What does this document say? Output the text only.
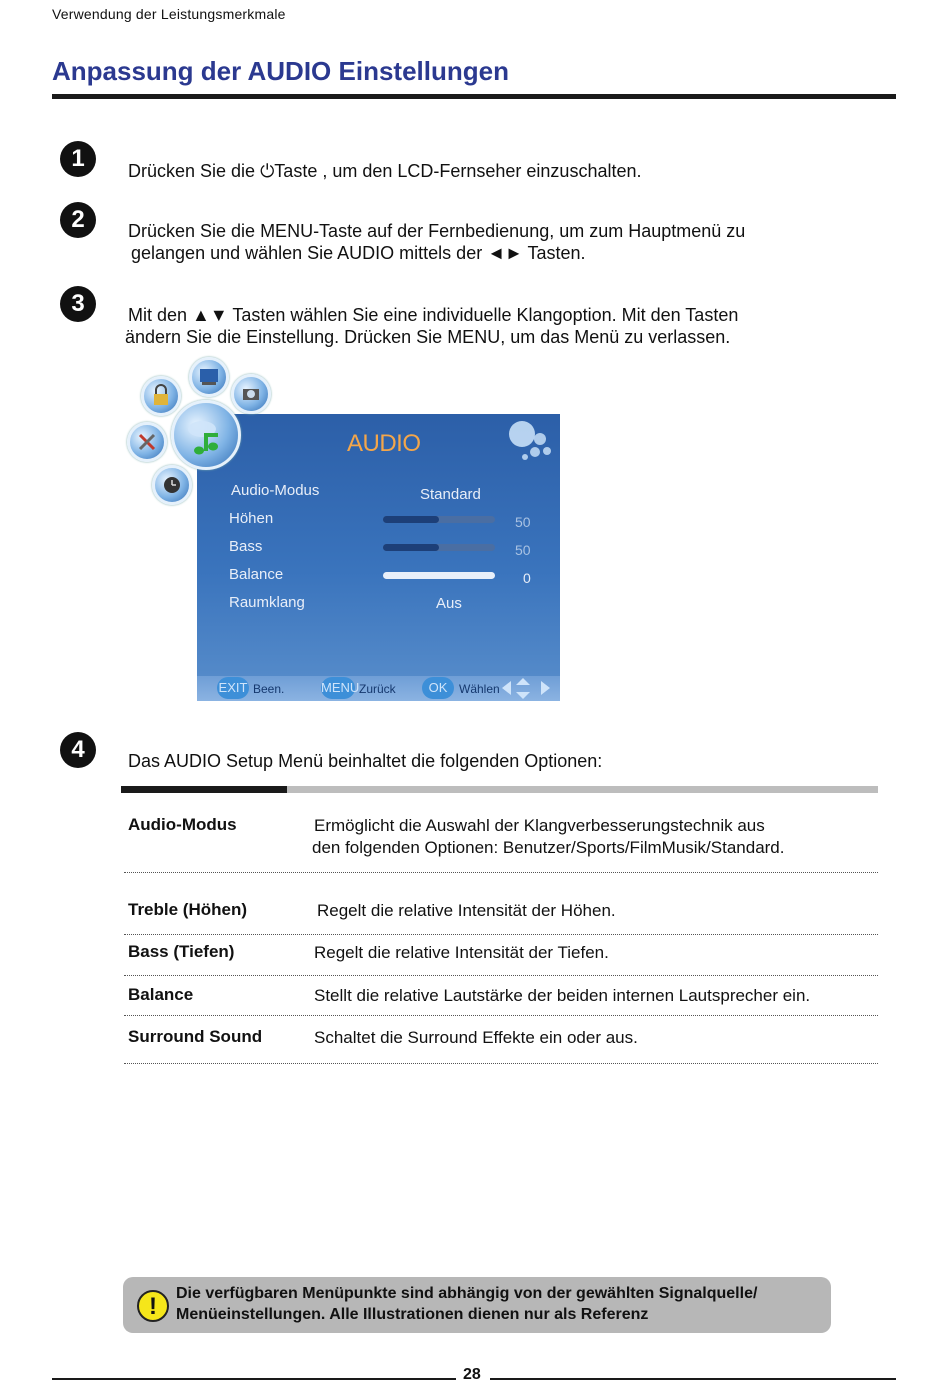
Verwendung der Leistungsmerkmale
Anpassung der AUDIO Einstellungen
1	Drücken Sie die ⏻Taste , um den LCD-Fernseher einzuschalten.
2	Drücken Sie die MENU-Taste auf der Fernbedienung, um zum Hauptmenü zu
gelangen und wählen Sie AUDIO mittels der ◄► Tasten.
3	Mit den ▲▼ Tasten wählen Sie eine individuelle Klangoption. Mit den Tasten
ändern Sie die Einstellung. Drücken Sie MENU, um das Menü zu verlassen.
AUDIO
Audio-Modus	Standard
Höhen	50
Bass	50
Balance	0
Raumklang	Aus
EXIT Been.	MENU Zurück	OK Wählen
4	Das AUDIO Setup Menü beinhaltet die folgenden Optionen:
Audio-Modus	Ermöglicht die Auswahl der Klangverbesserungstechnik aus
den folgenden Optionen: Benutzer/Sports/FilmMusik/Standard.
Treble (Höhen)	Regelt die relative Intensität der Höhen.
Bass (Tiefen)	Regelt die relative Intensität der Tiefen.
Balance	Stellt die relative Lautstärke der beiden internen Lautsprecher ein.
Surround Sound	Schaltet die Surround Effekte ein oder aus.
!	Die verfügbaren Menüpunkte sind abhängig von der gewählten Signalquelle/
Menüeinstellungen. Alle Illustrationen dienen nur als Referenz
28
